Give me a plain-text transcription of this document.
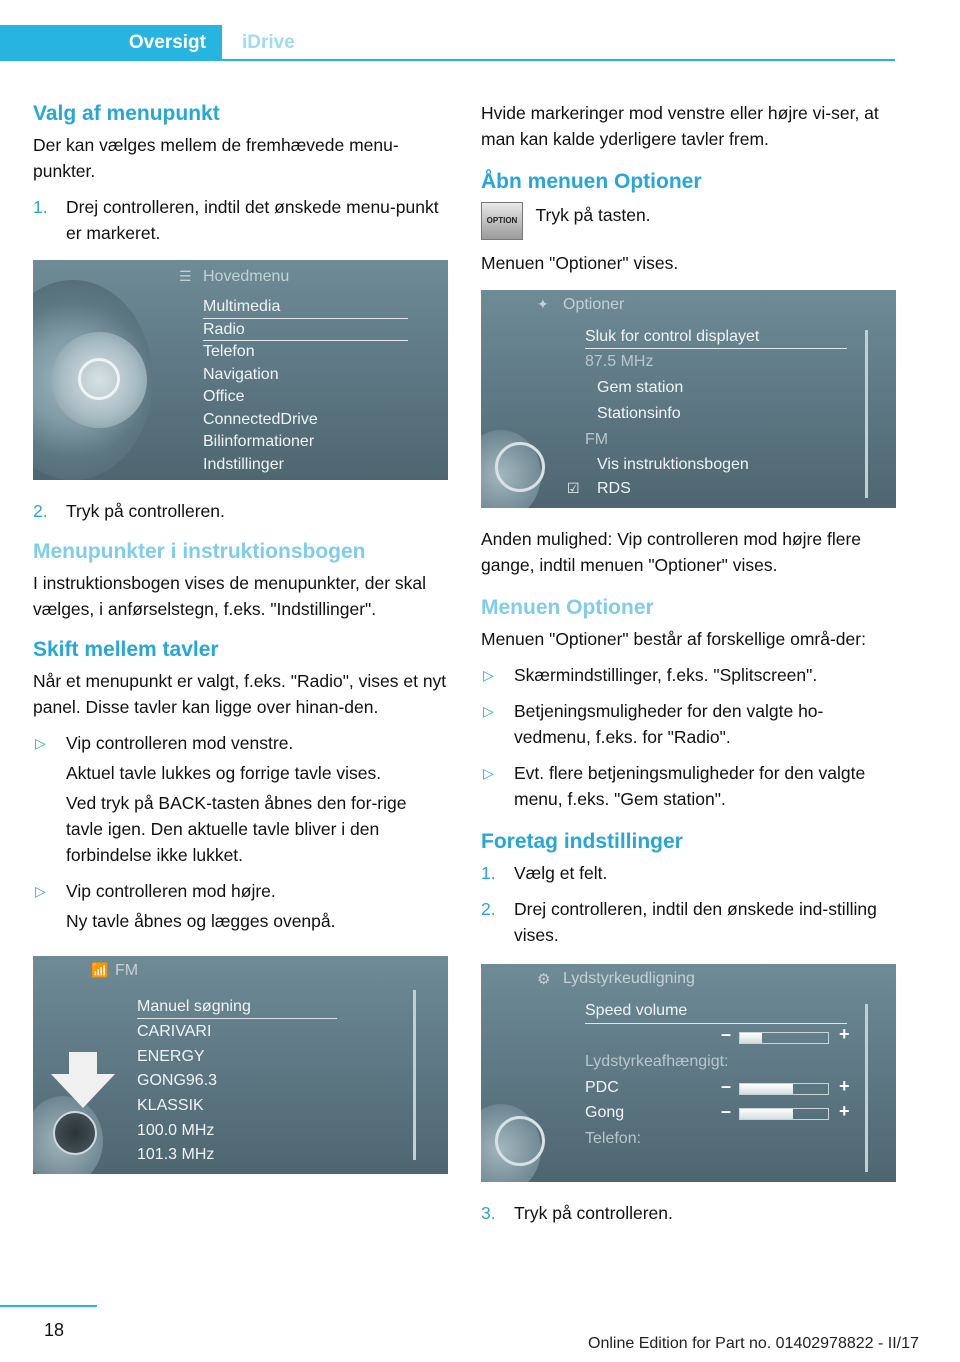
Oversigt	iDrive
Valg af menupunkt

Der kan vælges mellem de fremhævede menu-punkter.

1. Drej controlleren, indtil det ønskede menu-punkt er markeret.
☰ Hovedmenu
Multimedia
Radio
Telefon
Navigation
Office
ConnectedDrive
Bilinformationer
Indstillinger
2. Tryk på controlleren.
Menupunkter i instruktionsbogen

I instruktionsbogen vises de menupunkter, der skal vælges, i anførselstegn, f.eks. "Indstillinger".

Skift mellem tavler

Når et menupunkt er valgt, f.eks. "Radio", vises et nyt panel. Disse tavler kan ligge over hinan-den.

▷ Vip controlleren mod venstre.
Aktuel tavle lukkes og forrige tavle vises.
Ved tryk på BACK-tasten åbnes den for-rige tavle igen. Den aktuelle tavle bliver i den forbindelse ikke lukket.
▷ Vip controlleren mod højre.
Ny tavle åbnes og lægges ovenpå.
📶 FM
Manuel søgning
CARIVARI
ENERGY
GONG96.3
KLASSIK
100.0 MHz
101.3 MHz

Hvide markeringer mod venstre eller højre vi-ser, at man kan kalde yderligere tavler frem.

Åbn menuen Optioner
OPTION Tryk på tasten.

Menuen "Optioner" vises.

✦ Optioner
Sluk for control displayet
87.5 MHz
Gem station
Stationsinfo
FM
Vis instruktionsbogen
☑ RDS

Anden mulighed: Vip controlleren mod højre flere gange, indtil menuen "Optioner" vises.

Menuen Optioner

Menuen "Optioner" består af forskellige områ-der:

▷ Skærmindstillinger, f.eks. "Splitscreen".
▷ Betjeningsmuligheder for den valgte ho-vedmenu, f.eks. for "Radio".
▷ Evt. flere betjeningsmuligheder for den valgte menu, f.eks. "Gem station".
Foretag indstillinger
1. Vælg et felt.
2. Drej controlleren, indtil den ønskede ind-stilling vises.
⚙ Lydstyrkeudligning
Speed volume
–	+
Lydstyrkeafhængigt:
PDC	–	+
Gong	–	+
Telefon:
3. Tryk på controlleren.
18
Online Edition for Part no. 01402978822 - II/17
